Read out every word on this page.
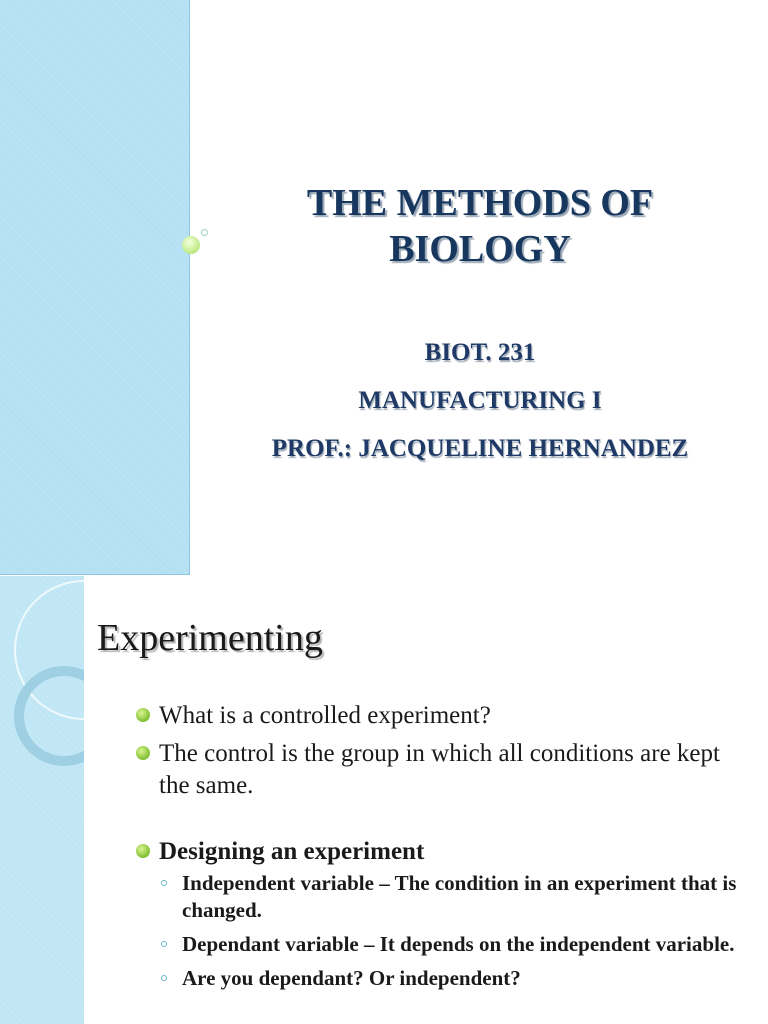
THE METHODS OF
BIOLOGY

BIOT. 231

MANUFACTURING I

PROF.: JACQUELINE HERNANDEZ

Experimenting
What is a controlled experiment?
The control is the group in which all conditions are kept the same.
Designing an experiment
Independent variable – The condition in an experiment that is changed.
Dependant variable – It depends on the independent variable.
Are you dependant? Or independent?
